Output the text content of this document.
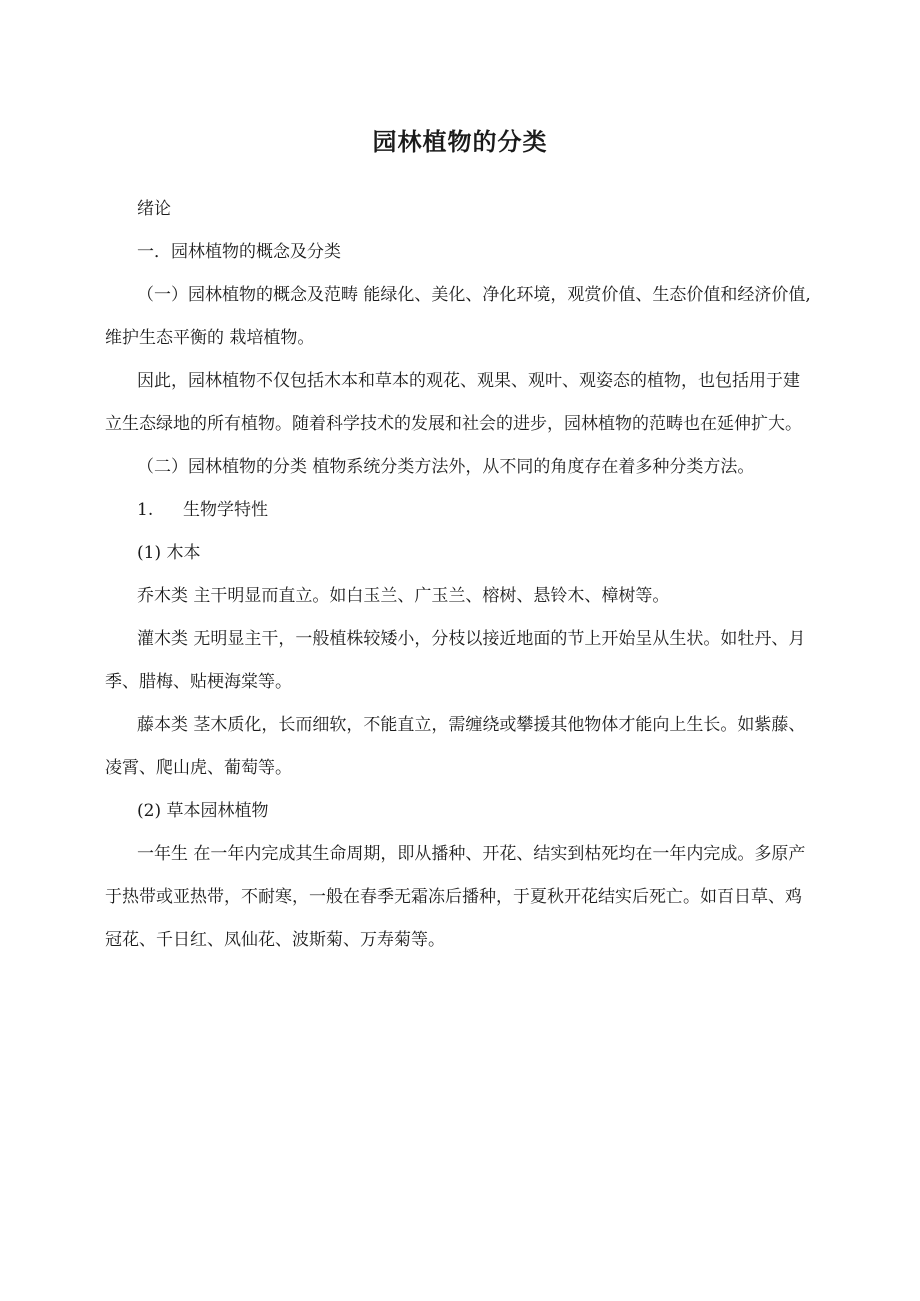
园林植物的分类

绪论

一．园林植物的概念及分类

（一）园林植物的概念及范畴 能绿化、美化、净化环境，观赏价值、生态价值和经济价值,维护生态平衡的 栽培植物。

因此，园林植物不仅包括木本和草本的观花、观果、观叶、观姿态的植物，也包括用于建立生态绿地的所有植物。随着科学技术的发展和社会的进步，园林植物的范畴也在延伸扩大。

（二）园林植物的分类 植物系统分类方法外，从不同的角度存在着多种分类方法。

1. 生物学特性

(1) 木本

乔木类 主干明显而直立。如白玉兰、广玉兰、榕树、悬铃木、樟树等。

灌木类 无明显主干，一般植株较矮小，分枝以接近地面的节上开始呈从生状。如牡丹、月季、腊梅、贴梗海棠等。

藤本类 茎木质化，长而细软，不能直立，需缠绕或攀援其他物体才能向上生长。如紫藤、凌霄、爬山虎、葡萄等。

(2) 草本园林植物

一年生 在一年内完成其生命周期，即从播种、开花、结实到枯死均在一年内完成。多原产于热带或亚热带，不耐寒，一般在春季无霜冻后播种，于夏秋开花结实后死亡。如百日草、鸡冠花、千日红、凤仙花、波斯菊、万寿菊等。
